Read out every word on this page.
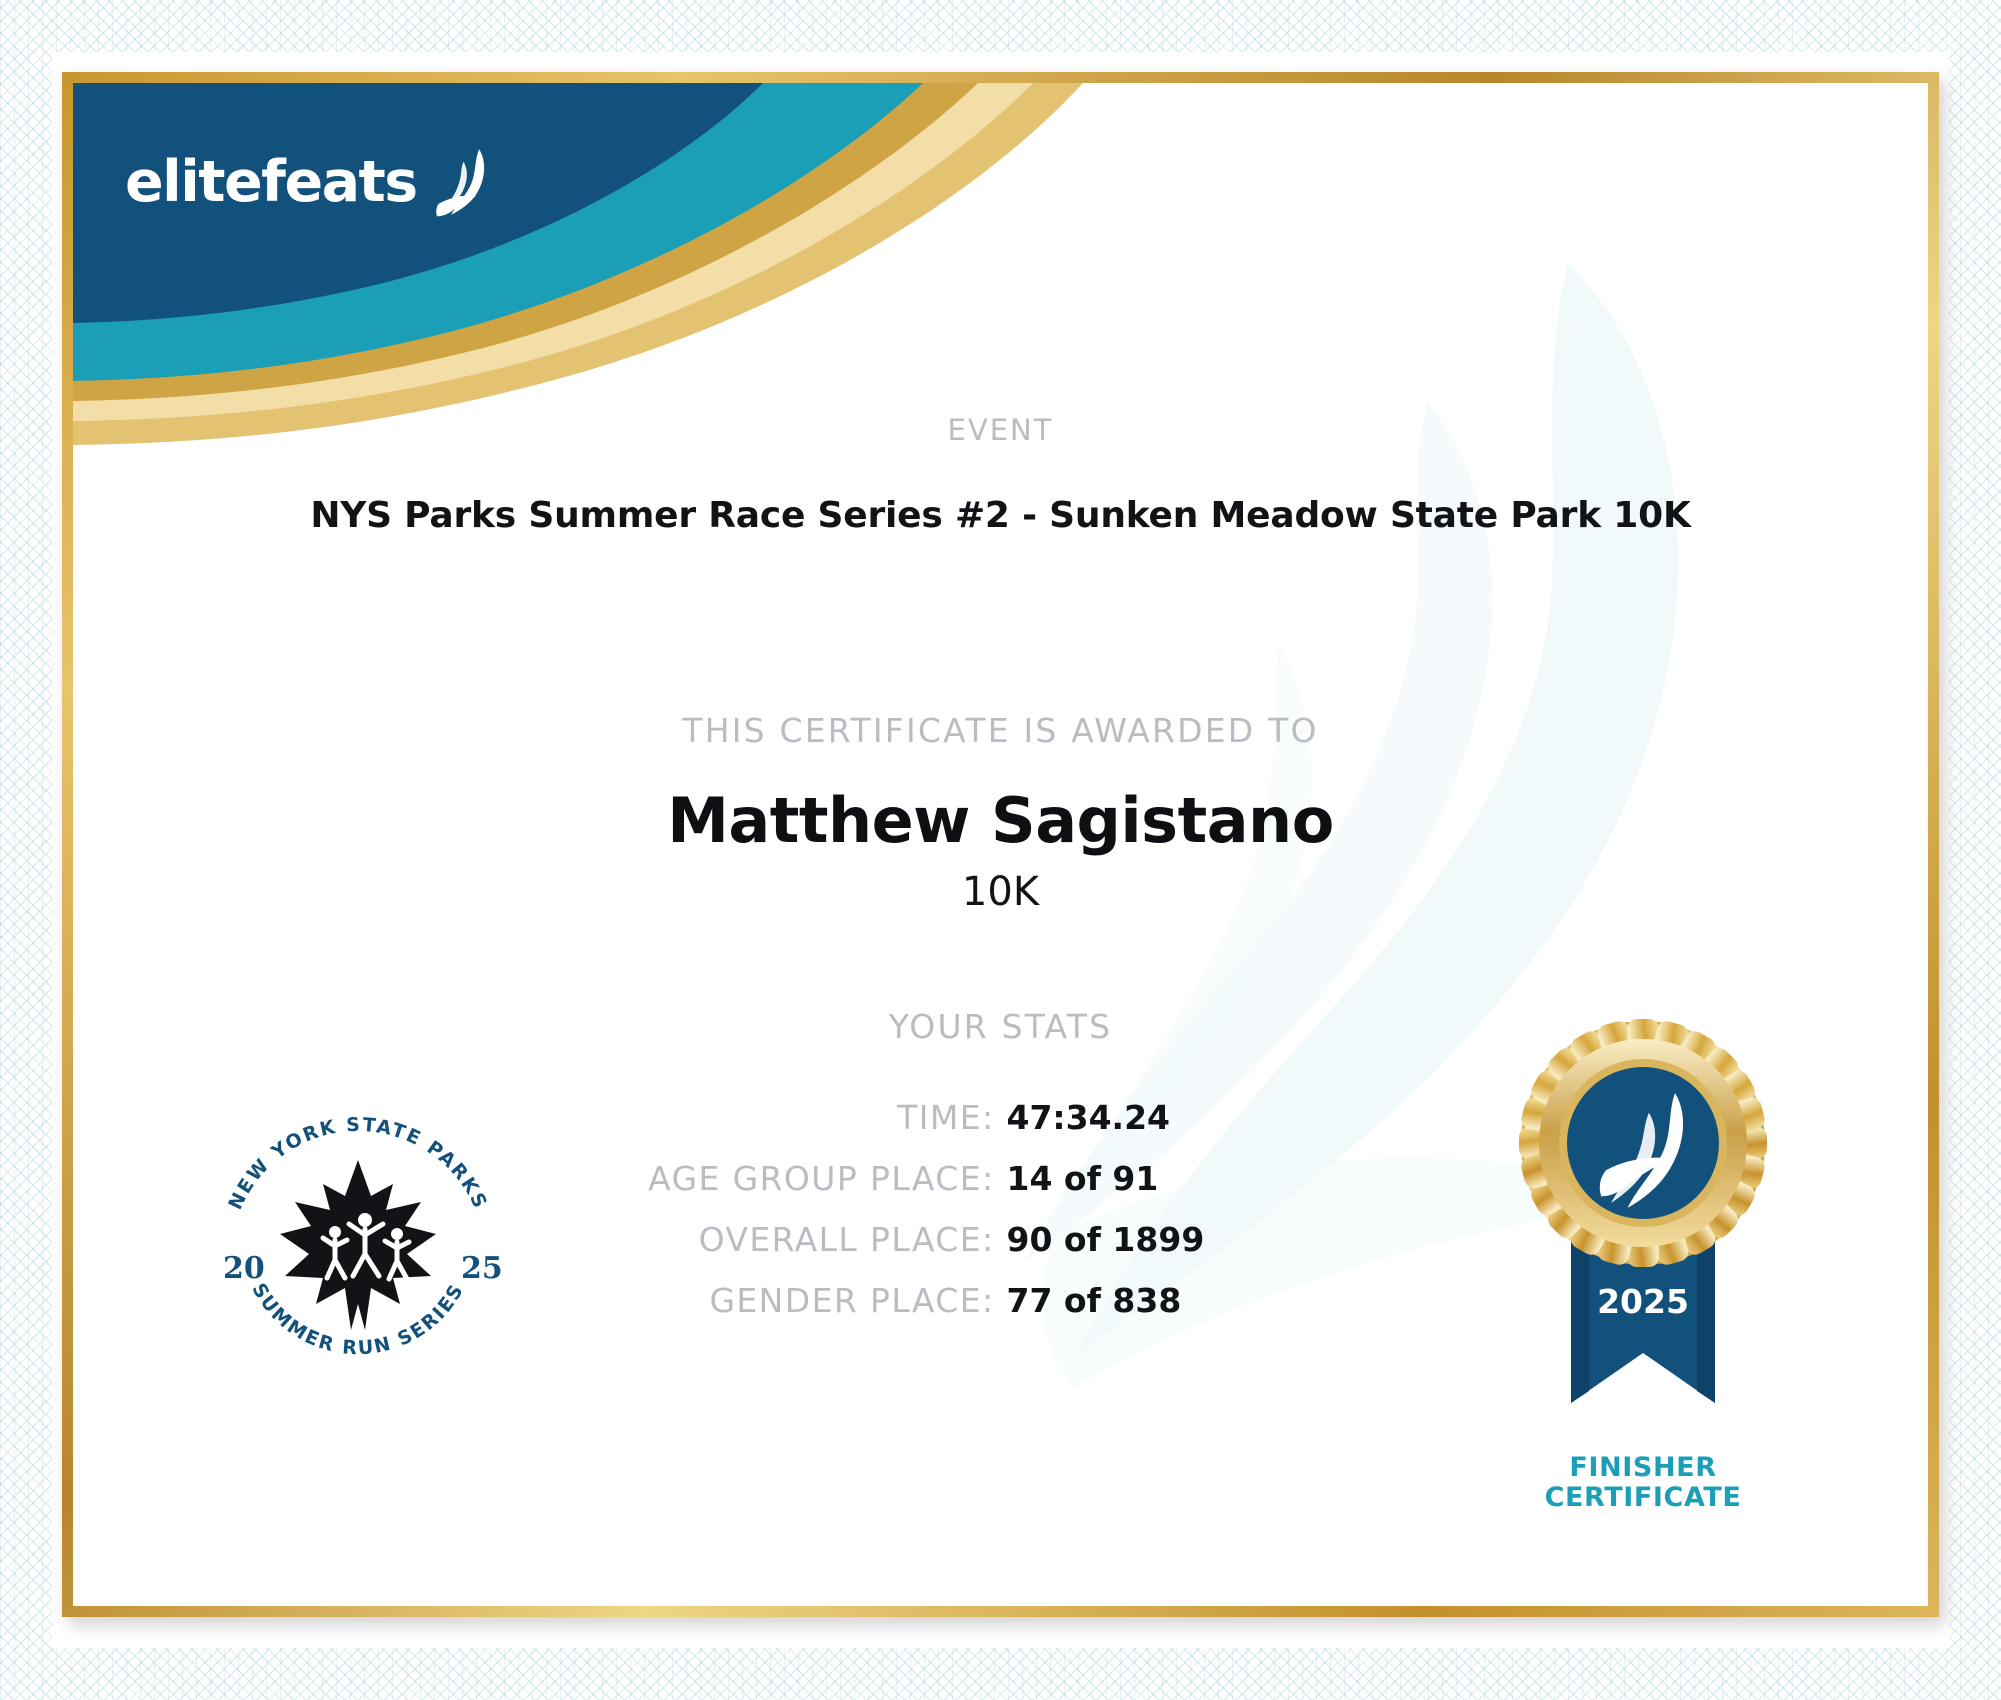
elitefeats
EVENT
NYS Parks Summer Race Series #2 - Sunken Meadow State Park 10K
THIS CERTIFICATE IS AWARDED TO
Matthew Sagistano
10K
YOUR STATS
TIME: 47:34.24
AGE GROUP PLACE: 14 of 91
OVERALL PLACE: 90 of 1899
GENDER PLACE: 77 of 838
NEW YORK STATE PARKS
SUMMER RUN SERIES
20	25
2025
FINISHER
CERTIFICATE
